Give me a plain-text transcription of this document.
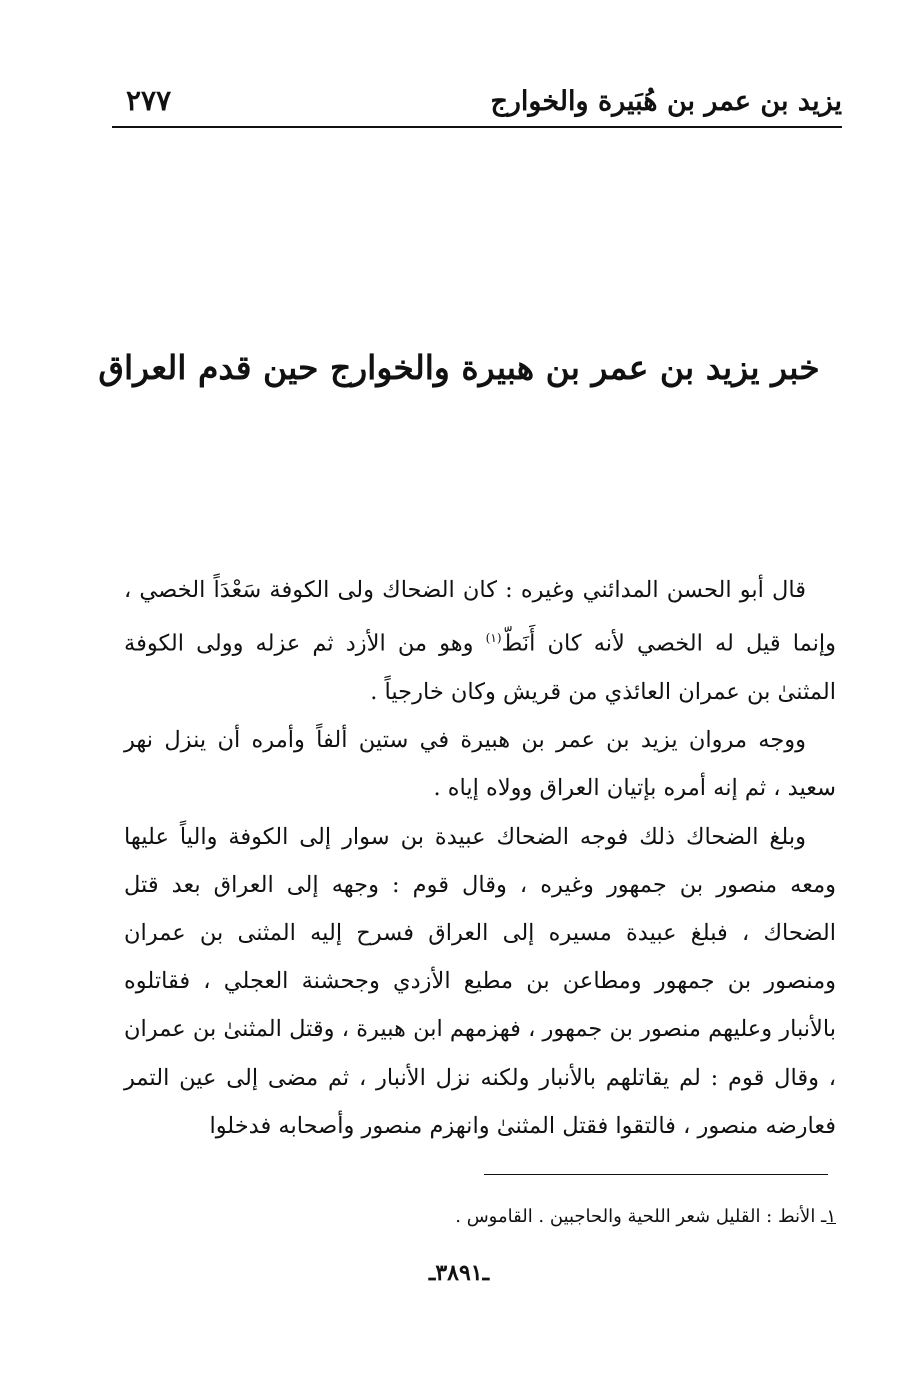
يزيد بن عمر بن هُبَيرة والخوارج
٢٧٧
خبر يزيد بن عمر بن هبيرة والخوارج حين قدم العراق

قال أبو الحسن المدائني وغيره : كان الضحاك ولى الكوفة سَعْدَاً الخصي ، وإنما قيل له الخصي لأنه كان أَنَطّ$^{(١)}$ وهو من الأزد ثم عزله وولى الكوفة المثنىٰ بن عمران العائذي من قريش وكان خارجياً .

ووجه مروان يزيد بن عمر بن هبيرة في ستين ألفاً وأمره أن ينزل نهر سعيد ، ثم إنه أمره بإتيان العراق وولاه إياه .

وبلغ الضحاك ذلك فوجه الضحاك عبيدة بن سوار إلى الكوفة والياً عليها ومعه منصور بن جمهور وغيره ، وقال قوم : وجهه إلى العراق بعد قتل الضحاك ، فبلغ عبيدة مسيره إلى العراق فسرح إليه المثنى بن عمران ومنصور بن جمهور ومطاعن بن مطيع الأزدي وجحشنة العجلي ، فقاتلوه بالأنبار وعليهم منصور بن جمهور ، فهزمهم ابن هبيرة ، وقتل المثنىٰ بن عمران ، وقال قوم : لم يقاتلهم بالأنبار ولكنه نزل الأنبار ، ثم مضى إلى عين التمر فعارضه منصور ، فالتقوا فقتل المثنىٰ وانهزم منصور وأصحابه فدخلوا

١ـ الأنط : القليل شعر اللحية والحاجبين . القاموس .
ـ٣٨٩١ـ
